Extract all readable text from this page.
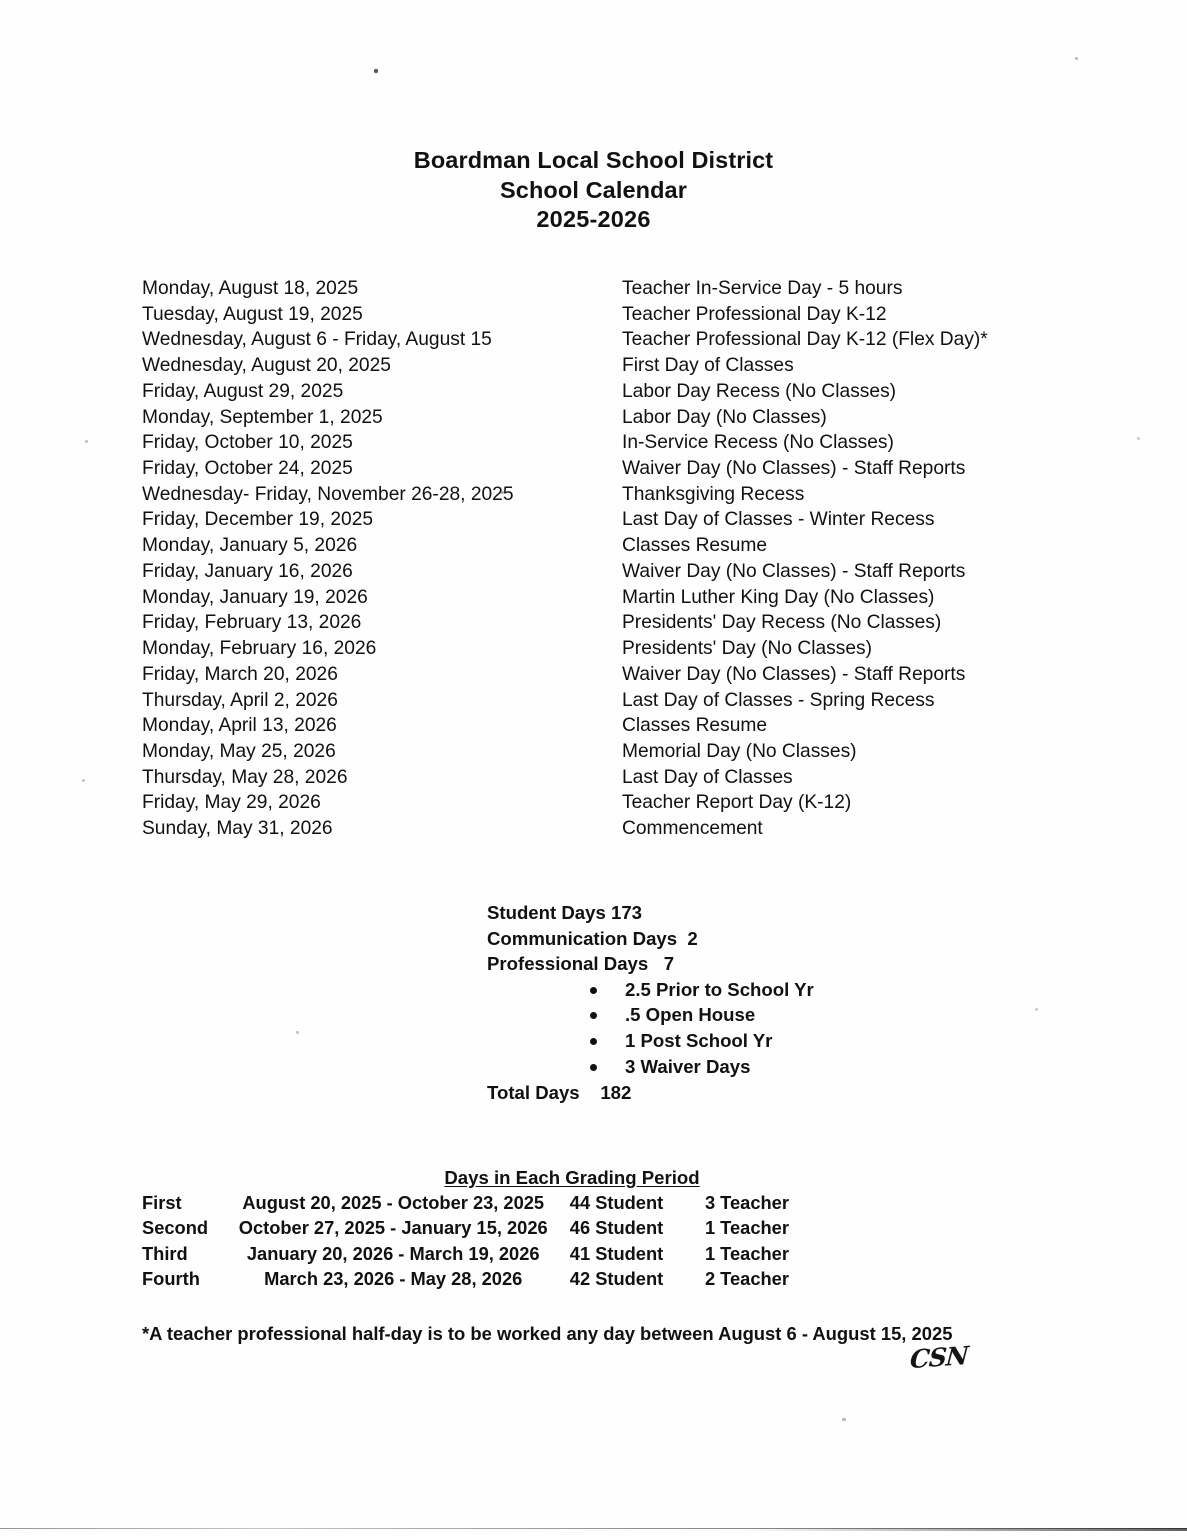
Boardman Local School District
School Calendar
2025-2026
Monday, August 18, 2025	Teacher In-Service Day - 5 hours
Tuesday, August 19, 2025	Teacher Professional Day K-12
Wednesday, August 6 - Friday, August 15	Teacher Professional Day K-12 (Flex Day)*
Wednesday, August 20, 2025	First Day of Classes
Friday, August 29, 2025	Labor Day Recess (No Classes)
Monday, September 1, 2025	Labor Day (No Classes)
Friday, October 10, 2025	In-Service Recess (No Classes)
Friday, October 24, 2025	Waiver Day (No Classes) - Staff Reports
Wednesday- Friday, November 26-28, 2025	Thanksgiving Recess
Friday, December 19, 2025	Last Day of Classes - Winter Recess
Monday, January 5, 2026	Classes Resume
Friday, January 16, 2026	Waiver Day (No Classes) - Staff Reports
Monday, January 19, 2026	Martin Luther King Day (No Classes)
Friday, February 13, 2026	Presidents' Day Recess (No Classes)
Monday, February 16, 2026	Presidents' Day (No Classes)
Friday, March 20, 2026	Waiver Day (No Classes) - Staff Reports
Thursday, April 2, 2026	Last Day of Classes - Spring Recess
Monday, April 13, 2026	Classes Resume
Monday, May 25, 2026	Memorial Day (No Classes)
Thursday, May 28, 2026	Last Day of Classes
Friday, May 29, 2026	Teacher Report Day (K-12)
Sunday, May 31, 2026	Commencement
Student Days 173
Communication Days  2
Professional Days   7
2.5 Prior to School Yr
.5 Open House
1 Post School Yr
3 Waiver Days
Total Days    182
Days in Each Grading Period
First	August 20, 2025 - October 23, 2025	44 Student	3 Teacher
Second	October 27, 2025 - January 15, 2026	46 Student	1 Teacher
Third	January 20, 2026 - March 19, 2026	41 Student	1 Teacher
Fourth	March 23, 2026 - May 28, 2026	42 Student	2 Teacher
*A teacher professional half-day is to be worked any day between August 6 - August 15, 2025
CSN
